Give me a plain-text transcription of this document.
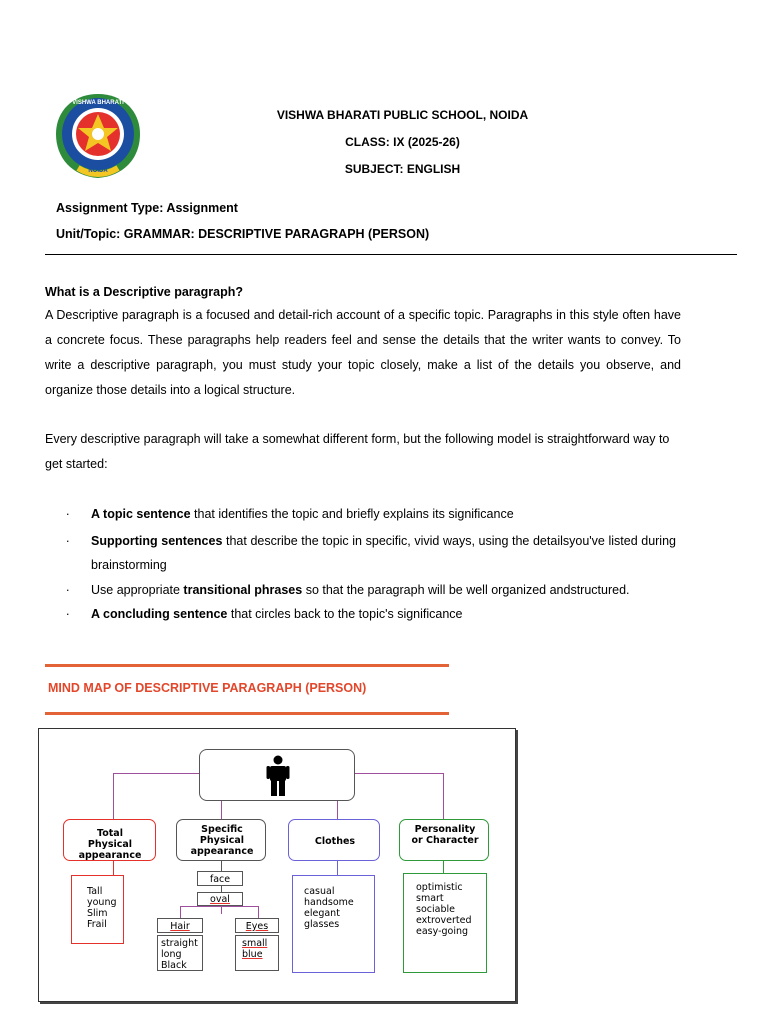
VISHWA BHARATI
NOIDA
VISHWA BHARATI PUBLIC SCHOOL, NOIDA
CLASS: IX (2025-26)
SUBJECT: ENGLISH
Assignment Type: Assignment
Unit/Topic: GRAMMAR: DESCRIPTIVE PARAGRAPH (PERSON)
What is a Descriptive paragraph?
A Descriptive paragraph is a focused and detail-rich account of a specific topic. Paragraphs in this style often have a concrete focus. These paragraphs help readers feel and sense the details that the writer wants to convey. To write a descriptive paragraph, you must study your topic closely, make a list of the details you observe, and organize those details into a logical structure.
Every descriptive paragraph will take a somewhat different form, but the following model is straightforward way to get started:
. A topic sentence that identifies the topic and briefly explains its significance
. Supporting sentences that describe the topic in specific, vivid ways, using the detailsyou've listed during brainstorming
. Use appropriate transitional phrases so that the paragraph will be well organized andstructured.
. A concluding sentence that circles back to the topic's significance
MIND MAP OF DESCRIPTIVE PARAGRAPH (PERSON)
Total Physical appearance
Specific Physical appearance
Clothes
Personality or Character
Tall
young
Slim
Frail
face
oval
Hair	Eyes
straight
long
Black
small
blue
casual
handsome
elegant
glasses
optimistic
smart
sociable
extroverted
easy-going
